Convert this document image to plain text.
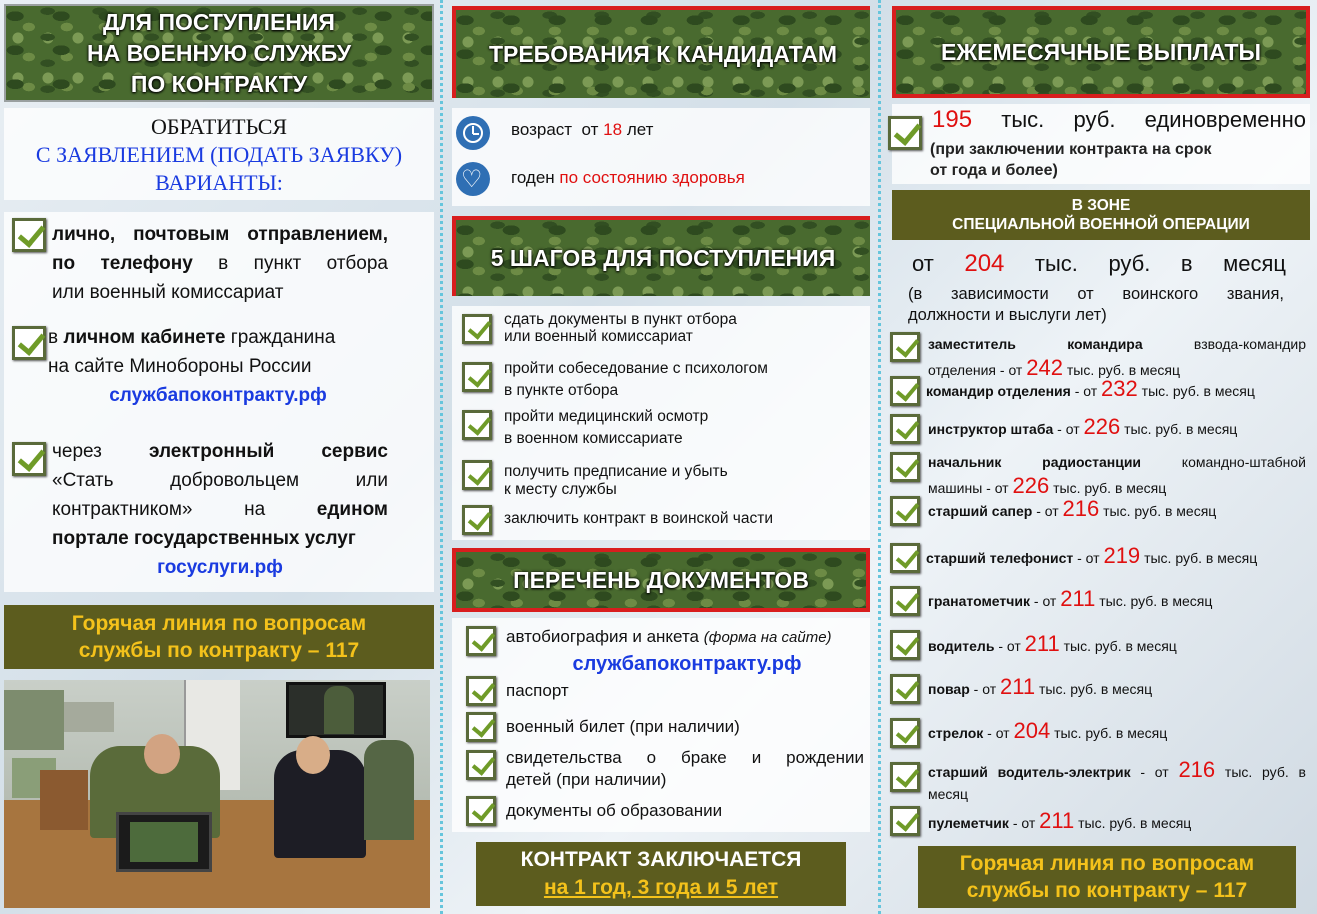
ДЛЯ ПОСТУПЛЕНИЯ
НА ВОЕННУЮ СЛУЖБУ
ПО КОНТРАКТУ
ОБРАТИТЬСЯ
С ЗАЯВЛЕНИЕМ (ПОДАТЬ ЗАЯВКУ)
ВАРИАНТЫ:
лично, почтовым отправлением,
по телефону в пункт отбора
или военный комиссариат
в личном кабинете гражданина
на сайте Минобороны России
службапоконтракту.рф
через электронный сервис
«Стать	добровольцем	или
контрактником»	на	едином
портале государственных услуг
госуслуги.рф
Горячая линия по вопросам
службы по контракту – 117
ТРЕБОВАНИЯ К КАНДИДАТАМ
возраст от 18 лет
♡ годен по состоянию здоровья
5 ШАГОВ ДЛЯ ПОСТУПЛЕНИЯ
сдать документы в пункт отбора
или военный комиссариат
пройти собеседование с психологом
в пункте отбора
пройти медицинский осмотр
в военном комиссариате
получить предписание и убыть
к месту службы
заключить контракт в воинской части
ПЕРЕЧЕНЬ ДОКУМЕНТОВ
автобиография и анкета (форма на сайте)
службапоконтракту.рф
паспорт
военный билет (при наличии)
свидетельства о браке и рождении
детей (при наличии)
документы об образовании
КОНТРАКТ ЗАКЛЮЧАЕТСЯ
на 1 год, 3 года и 5 лет
ЕЖЕМЕСЯЧНЫЕ ВЫПЛАТЫ
195 тыс. руб. единовременно
(при заключении контракта на срок
от года и более)
В ЗОНЕ
СПЕЦИАЛЬНОЙ ВОЕННОЙ ОПЕРАЦИИ
от 204 тыс. руб. в месяц
(в зависимости от воинского звания,
должности и выслуги лет)
заместитель	командира	взвода-командир
отделения - от 242 тыс. руб. в месяц
командир отделения - от 232 тыс. руб. в месяц
инструктор штаба - от 226 тыс. руб. в месяц
начальник	радиостанции	командно-штабной
машины - от 226 тыс. руб. в месяц
старший сапер - от 216 тыс. руб. в месяц
старший телефонист - от 219 тыс. руб. в месяц
гранатометчик - от 211 тыс. руб. в месяц
водитель - от 211 тыс. руб. в месяц
повар - от 211 тыс. руб. в месяц
стрелок - от 204 тыс. руб. в месяц
старший водитель-электрик - от 216 тыс. руб. в
месяц
пулеметчик - от 211 тыс. руб. в месяц
Горячая линия по вопросам
службы по контракту – 117
